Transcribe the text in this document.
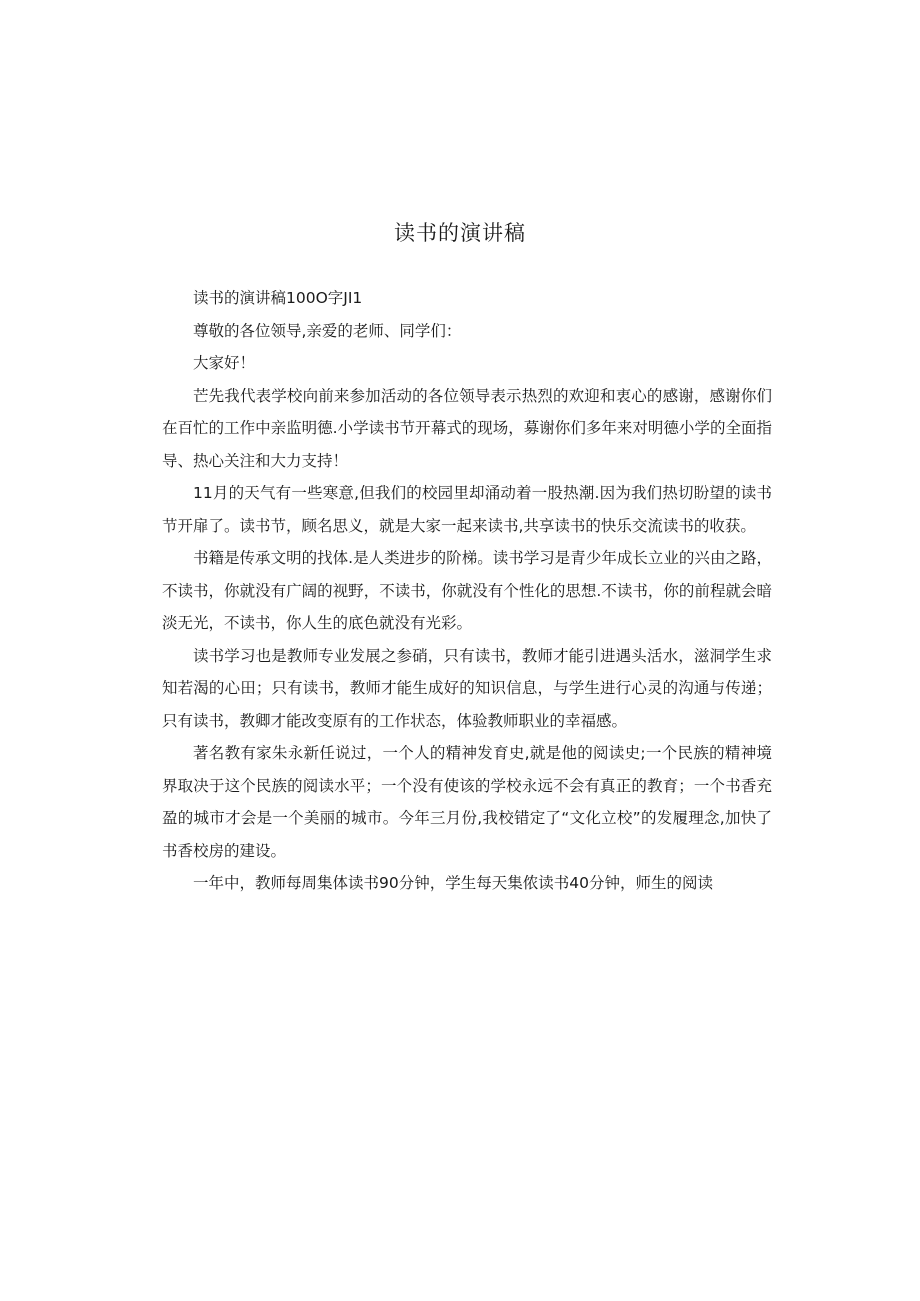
读书的演讲稿

读书的演讲稿100O字JI1

尊敬的各位领导,亲爱的老师、同学们：

大家好！

芒先我代表学校向前来参加活动的各位领导表示热烈的欢迎和衷心的感谢，感谢你们在百忙的工作中亲监明德.小学读书节开幕式的现场，募谢你们多年来对明德小学的全面指导、热心关注和大力支持！

11月的天气有一些寒意,但我们的校园里却涌动着一股热潮.因为我们热切盼望的读书节开扉了。读书节，顾名思义，就是大家一起来读书,共享读书的快乐交流读书的收获。

书籍是传承文明的找体.是人类进步的阶梯。读书学习是青少年成长立业的兴由之路，不读书，你就没有广阔的视野，不读书，你就没有个性化的思想.不读书，你的前程就会暗淡无光，不读书，你人生的底色就没有光彩。

读书学习也是教师专业发展之参硝，只有读书，教师才能引进遇头活水，滋洞学生求知若渴的心田；只有读书，教师才能生成好的知识信息，与学生进行心灵的沟通与传递；只有读书，教卿才能改变原有的工作状态，体验教师职业的幸福感。

著名教有家朱永新任说过，一个人的精神发育史,就是他的阅读史;一个民族的精神境界取决于这个民族的阅读水平；一个没有使该的学校永远不会有真正的教育；一个书香充盈的城市才会是一个美丽的城市。今年三月份,我校错定了“文化立校”的发履理念,加快了书香校房的建设。

一年中，教师每周集体读书90分钟，学生每天集侬读书40分钟，师生的阅读
